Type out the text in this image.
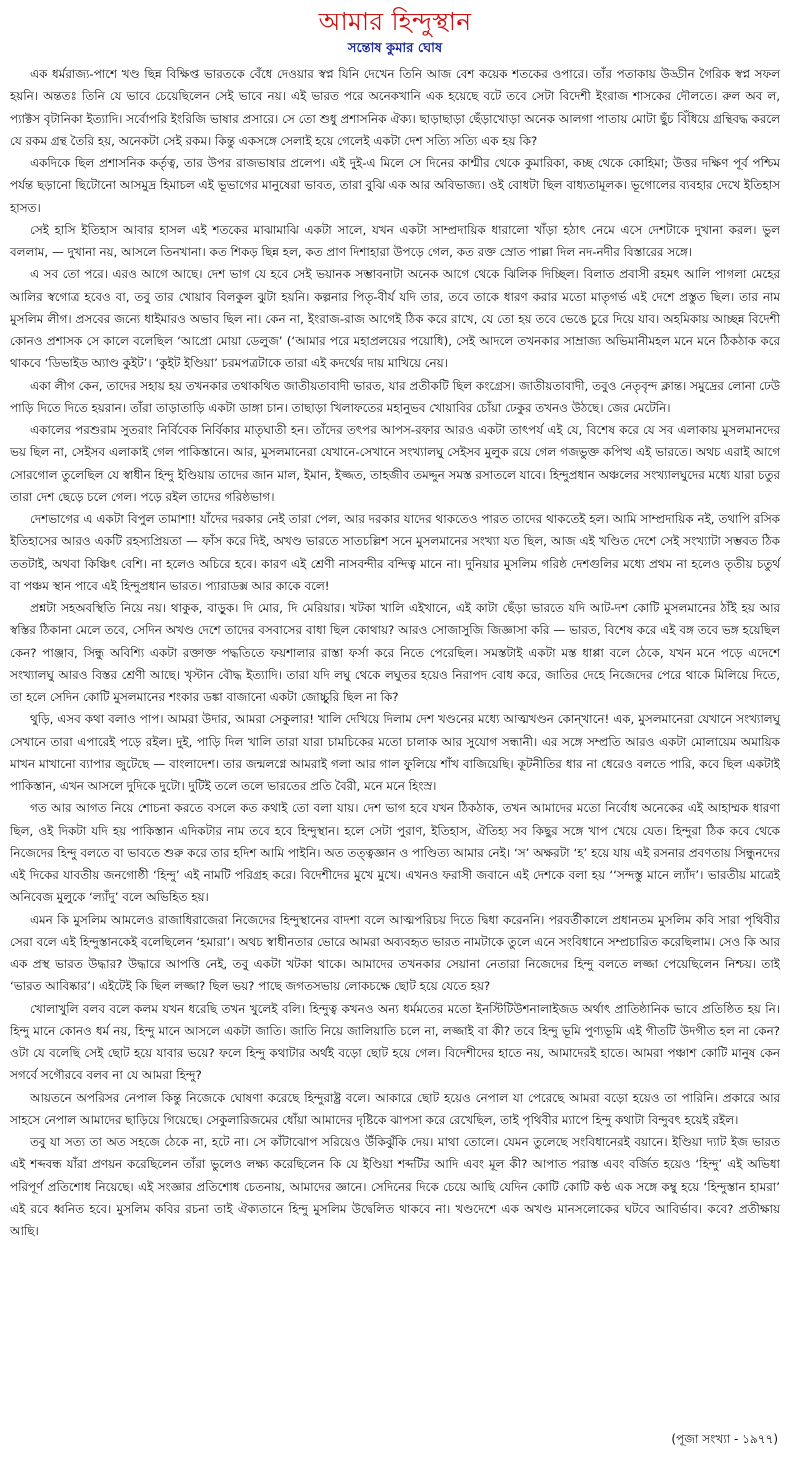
আমার হিন্দুস্থান
সন্তোষ কুমার ঘোষ

এক ধর্মরাজ্য-পাশে খণ্ড ছিন্ন বিক্ষিপ্ত ভারতকে বেঁধে দেওয়ার স্বপ্ন যিনি দেখেন তিনি আজ বেশ কয়েক শতকের ওপারে। তাঁর পতাকায় উড্ডীন গৈরিক স্বপ্ন সফল হয়নি। অন্ততঃ তিনি যে ভাবে চেয়েছিলেন সেই ভাবে নয়। এই ভারত পরে অনেকখানি এক হয়েছে বটে তবে সেটা বিদেশী ইংরাজ শাসকের দৌলতে। রুল অব ল, প্যাক্টস বৃটানিকা ইত্যাদি। সর্বোপরি ইংরিজি ভাষার প্রসারে। সে তো শুধু প্রশাসনিক ঐক্য। ছাড়াছাড়া ছেঁড়াখোড়া অনেক আলগা পাতায় মোটা ছুঁচ বিঁধিয়ে গ্রন্থিবদ্ধ করলে যে রকম গ্রন্থ তৈরি হয়, অনেকটা সেই রকম। কিন্তু একসঙ্গে সেলাই হয়ে গেলেই একটা দেশ সত্যি সত্যি এক হয় কি?

একদিকে ছিল প্রশাসনিক কর্তৃত্ব, তার উপর রাজভাষার প্রলেপ। এই দুই-এ মিলে সে দিনের কাশ্মীর থেকে কুমারিকা, কচ্ছ থেকে কোহিমা; উত্তর দক্ষিণ পূর্ব পশ্চিম পর্যন্ত ছড়ানো ছিটোনো আসমুদ্র হিমাচল এই ভূভাগের মানুষেরা ভাবত, তারা বুঝি এক আর অবিভাজ্য। ওই বোধটা ছিল বাধ্যতামূলক। ভূগোলের ব্যবহার দেখে ইতিহাস হাসত।

সেই হাসি ইতিহাস আবার হাসল এই শতকের মাঝামাঝি একটা সালে, যখন একটা সাম্প্রদায়িক ধারালো খাঁড়া হঠাৎ নেমে এসে দেশটাকে দুখানা করল। ভুল বললাম, — দুখানা নয়, আসলে তিনখানা। কত শিকড় ছিন্ন হল, কত প্রাণ দিশাহারা উপড়ে গেল, কত রক্ত স্রোত পাল্লা দিল নদ-নদীর বিস্তারের সঙ্গে।

এ সব তো পরে। এরও আগে আছে। দেশ ভাগ যে হবে সেই ভয়ানক সম্ভাবনাটা অনেক আগে থেকে ঝিলিক দিচ্ছিল। বিলাত প্রবাসী রহমৎ আলি পাগলা মেহের আলির স্বগোত্র হবেও বা, তবু তার খোয়াব বিলকুল ঝুটা হয়নি। কল্পনার পিতৃ-বীর্য যদি তার, তবে তাকে ধারণ করার মতো মাতৃগর্ভ এই দেশে প্রস্তুত ছিল। তার নাম মুসলিম লীগ। প্রসবের জন্যে ধাইমারও অভাব ছিল না। কেন না, ইংরাজ-রাজ আগেই ঠিক করে রাখে, যে তো হয় তবে ভেঙে চুরে দিয়ে যাব। অহমিকায় আচ্ছন্ন বিদেশী কোনও প্রশাসক সে কালে বলেছিল ‘আপ্রো মোয়া ডেলুজ’ (‘আমার পরে মহাপ্রলয়ের পয়োধি), সেই আদলে তখনকার সাম্রাজ্য অভিমানীমহল মনে মনে ঠিকঠাক করে থাকবে ‘ডিভাইড অ্যাণ্ড কুইট’। ‘কুইট ইণ্ডিয়া’ চরমপত্রটাকে তারা এই কদর্থের দায় মাখিয়ে নেয়।

একা লীগ কেন, তাদের সহায় হয় তখনকার তথাকথিত জাতীয়তাবাদী ভারত, যার প্রতীকটি ছিল কংগ্রেস। জাতীয়তাবাদী, তবুও নেতৃবৃন্দ ক্লান্ত। সমুদ্রের লোনা ঢেউ পাড়ি দিতে দিতে হয়রান। তাঁরা তাড়াতাড়ি একটা ডাঙ্গা চান। তাছাড়া খিলাফতের মহানুভব খোয়াবির চোঁয়া ঢেকুর তখনও উঠছে। জের মেটেনি।

একালের পরশুরাম সুতরাং নির্বিবেক নির্বিকার মাতৃঘাতী হন। তাঁদের তৎপর আপস-রফার আরও একটা তাৎপর্য এই যে, বিশেষ করে যে সব এলাকায় মুসলমানদের ভয় ছিল না, সেইসব এলাকাই গেল পাকিস্তানে। আর, মুসলমানেরা যেখানে-সেখানে সংখ্যালঘু সেইসব মুলুক রয়ে গেল গজভুক্ত কপিত্থ এই ভারতে। অথচ এরাই আগে সোরগোল তুলেছিল যে স্বাধীন হিন্দু ইণ্ডিয়ায় তাদের জান মাল, ইমান, ইজ্জত, তাহজীব তমদ্দুন সমস্ত রসাতলে যাবে। হিন্দুপ্রধান অঞ্চলের সংখ্যালঘুদের মধ্যে যারা চতুর তারা দেশ ছেড়ে চলে গেল। পড়ে রইল তাদের গরিষ্ঠভাগ।

দেশভাগের এ একটা বিপুল তামাশা! যাঁদের দরকার নেই তারা পেল, আর দরকার যাদের থাকতেও পারত তাদের থাকতেই হল। আমি সাম্প্রদায়িক নই, তথাপি রসিক ইতিহাসের আরও একটি রহস্যপ্রিয়তা — ফাঁস করে দিই, অখণ্ড ভারতে সাতচল্লিশ সনে মুসলমানের সংখ্যা যত ছিল, আজ এই খণ্ডিত দেশে সেই সংখ্যাটা সম্ভবত ঠিক ততটাই, অথবা কিঞ্চিৎ বেশি। না হলেও অচিরে হবে। কারণ এই শ্রেণী নাসবন্দীর বন্দিত্ব মানে না। দুনিয়ার মুসলিম গরিষ্ঠ দেশগুলির মধ্যে প্রথম না হলেও তৃতীয় চতুর্থ বা পঞ্চম স্থান পাবে এই হিন্দুপ্রধান ভারত। প্যারাডক্স আর কাকে বলে!

প্রশ্নটা সহঅবস্থিতি নিয়ে নয়। থাকুক, বাড়ুক। দি মোর, দি মেরিয়ার। খটকা খালি এইখানে, এই কাটা ছেঁড়া ভারতে যদি আট-দশ কোটি মুসলমানের ঠাঁই হয় আর স্বস্তির ঠিকানা মেলে তবে, সেদিন অখণ্ড দেশে তাদের বসবাসের বাধা ছিল কোথায়? আরও সোজাসুজি জিজ্ঞাসা করি — ভারত, বিশেষ করে এই বঙ্গ তবে ভঙ্গ হয়েছিল কেন? পাঞ্জাব, সিন্ধু অবিশ্যি একটা রক্তাক্ত পদ্ধতিতে ফয়শালার রাস্তা ফর্সা করে নিতে পেরেছিল। সমস্তটাই একটা মস্ত ধাপ্পা বলে ঠেকে, যখন মনে পড়ে এদেশে সংখ্যালঘু আরও বিস্তর শ্রেণী আছে। খৃস্টান বৌদ্ধ ইত্যাদি। তারা যদি লঘু থেকে লঘুতর হয়েও নিরাপদ বোধ করে, জাতির দেহে নিজেদের পেরে থাকে মিলিয়ে দিতে, তা হলে সেদিন কোটি মুসলমানের শংকার ডঙ্কা বাজানো একটা জোচ্চুরি ছিল না কি?

থুড়ি, এসব কথা বলাও পাপ। আমরা উদার, আমরা সেকুলার! খালি দেখিয়ে দিলাম দেশ খণ্ডনের মধ্যে আত্মখণ্ডন কোন্‌খানে! এক, মুসলমানেরা যেখানে সংখ্যালঘু সেখানে তারা এপারেই পড়ে রইল। দুই, পাড়ি দিল খালি তারা যারা চামচিকের মতো চালাক আর সুযোগ সন্ধানী। এর সঙ্গে সম্প্রতি আরও একটা মোলায়েম অমায়িক মাখন মাখানো ব্যাপার জুটেছে — বাংলাদেশ। তার জন্মলগ্নে আমরাই গলা আর গাল ফুলিয়ে শাঁখ বাজিয়েছি। কূটনীতির ধার না ধেরেও বলতে পারি, কবে ছিল একটাই পাকিস্তান, এখন আসলে দুদিকে দুটো। দুটিই তলে তলে ভারতের প্রতি বৈরী, মনে মনে হিংস্র।

গত আর আগত নিয়ে শোচনা করতে বসলে কত কথাই তো বলা যায়। দেশ ভাগ হবে যখন ঠিকঠাক, তখন আমাদের মতো নির্বোধ অনেকের এই আহাম্মক ধারণা ছিল, ওই দিকটা যদি হয় পাকিস্তান এদিকটার নাম তবে হবে হিন্দুস্থান। হলে সেটা পুরাণ, ইতিহাস, ঐতিহ্য সব কিছুর সঙ্গে খাপ খেয়ে যেত। হিন্দুরা ঠিক কবে থেকে নিজেদের হিন্দু বলতে বা ভাবতে শুরু করে তার হদিশ আমি পাইনি। অত তত্ত্বজ্ঞান ও পাণ্ডিত্য আমার নেই। ‘স’ অক্ষরটা ‘হ’ হয়ে যায় এই রসনার প্রবণতায় সিন্ধুনদের এই দিকের যাবতীয় জনগোষ্ঠী ‘হিন্দু’ এই নামটি পরিগ্রহ করে। বিদেশীদের মুখে মুখে। এখনও ফরাসী জবানে এই দেশকে বলা হয় ‘‘সন্দস্তু মানে ল্যাঁদ’। ভারতীয় মাত্রেই অনিবেজ মুলুকে ‘ল্যাঁদু’ বলে অভিহিত হয়।

এমন কি মুসলিম আমলেও রাজাধিরাজেরা নিজেদের হিন্দুস্থানের বাদশা বলে আত্মপরিচয় দিতে দ্বিধা করেননি। পরবর্তীকালে প্রধানতম মুসলিম কবি সারা পৃথিবীর সেরা বলে এই হিন্দুস্তানকেই বলেছিলেন ‘হমারা’। অথচ স্বাধীনতার ভোরে আমরা অব্যবহৃত ভারত নামটাকে তুলে এনে সংবিধানে সম্প্রচারিত করেছিলাম। সেও কি আর এক প্রস্থ ভারত উদ্ধার? উদ্ধারে আপত্তি নেই, তবু একটা খটকা থাকে। আমাদের তখনকার সেয়ানা নেতারা নিজেদের হিন্দু বলতে লজ্জা পেয়েছিলেন নিশ্চয়। তাই ‘ভারত আবিষ্কার’। এইটেই কি ছিল লজ্জা? ছিল ভয়? পাছে জগতসভায় লোকচক্ষে ছোট হয়ে যেতে হয়?

খোলাখুলি বলব বলে কলম যখন ধরেছি তখন খুলেই বলি। হিন্দুত্ব কখনও অন্য ধর্মমতের মতো ইনস্টিটিউশনালাইজড অর্থাৎ প্রাতিষ্ঠানিক ভাবে প্রতিষ্ঠিত হয় নি। হিন্দু মানে কোনও ধর্ম নয়, হিন্দু মানে আসলে একটা জাতি। জাতি নিয়ে জালিয়াতি চলে না, লজ্জাই বা কী? তবে হিন্দু ভূমি পুণ্যভূমি এই গীতটি উদগীত হল না কেন? ওটা যে বলেছি সেই ছোট হয়ে যাবার ভয়ে? ফলে হিন্দু কথাটার অর্থই বড়ো ছোট হয়ে গেল। বিদেশীদের হাতে নয়, আমাদেরই হাতে। আমরা পঞ্চাশ কোটি মানুষ কেন সগর্বে সগৌরবে বলব না যে আমরা হিন্দু?

আয়তনে অপরিসর নেপাল কিন্তু নিজেকে ঘোষণা করেছে হিন্দুরাষ্ট্র বলে। আকারে ছোট হয়েও নেপাল যা পেরেছে আমরা বড়ো হয়েও তা পারিনি। প্রকারে আর সাহসে নেপাল আমাদের ছাড়িয়ে গিয়েছে। সেকুলারিজমের ধোঁয়া আমাদের দৃষ্টিকে ঝাপসা করে রেখেছিল, তাই পৃথিবীর ম্যাপে হিন্দু কথাটা বিন্দুবৎ হয়েই রইল।

তবু যা সত্য তা অত সহজে ঠেকে না, হটে না। সে কাঁটাঝোপ সরিয়েও উঁকিঝুঁকি দেয়। মাথা তোলে। যেমন তুলেছে সংবিধানেরই বয়ানে। ইণ্ডিয়া দ্যাট ইজ ভারত এই শব্দবন্ধ যাঁরা প্রণয়ন করেছিলেন তাঁরা ভুলেও লক্ষ্য করেছিলেন কি যে ইণ্ডিয়া শব্দটির আদি এবং মূল কী? আপাত পরাস্ত এবং বর্জিত হয়েও ‘হিন্দু’ এই অভিধা পরিপূর্ণ প্রতিশোধ নিয়েছে। এই সংজ্ঞার প্রতিশোধ চেতনায়, আমাদের জ্ঞানে। সেদিনের দিকে চেয়ে আছি যেদিন কোটি কোটি কণ্ঠ এক সঙ্গে কম্বু হয়ে ‘হিন্দুস্তান হামরা’ এই রবে ধ্বনিত হবে। মুসলিম কবির রচনা তাই ঐক্যতানে হিন্দু মুসলিম উদ্বেলিত থাকবে না। খণ্ডদেশে এক অখণ্ড মানসলোকের ঘটবে আবির্ভাব। কবে? প্রতীক্ষায় আছি।

(পূজা সংখ্যা - ১৯৭৭)
